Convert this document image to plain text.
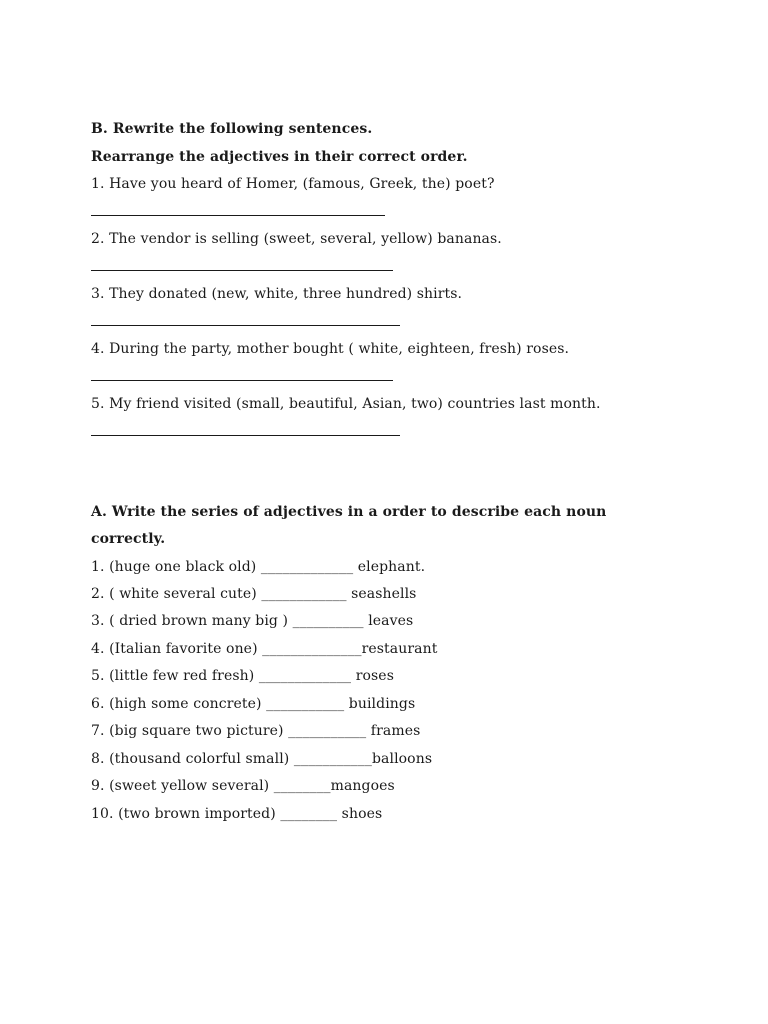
B. Rewrite the following sentences.
Rearrange the adjectives in their correct order.
1. Have you heard of Homer, (famous, Greek, the) poet?
2. The vendor is selling (sweet, several, yellow) bananas.
3. They donated (new, white, three hundred) shirts.
4. During the party, mother bought ( white, eighteen, fresh) roses.
5. My friend visited (small, beautiful, Asian, two) countries last month.
A. Write the series of adjectives in a order to describe each noun
correctly.
1. (huge one black old) _____________ elephant.
2. ( white several cute) ____________ seashells
3. ( dried brown many big ) __________ leaves
4. (Italian favorite one) ______________restaurant
5. (little few red fresh) _____________ roses
6. (high some concrete) ___________ buildings
7. (big square two picture) ___________ frames
8. (thousand colorful small) ___________balloons
9. (sweet yellow several) ________mangoes
10. (two brown imported) ________ shoes
